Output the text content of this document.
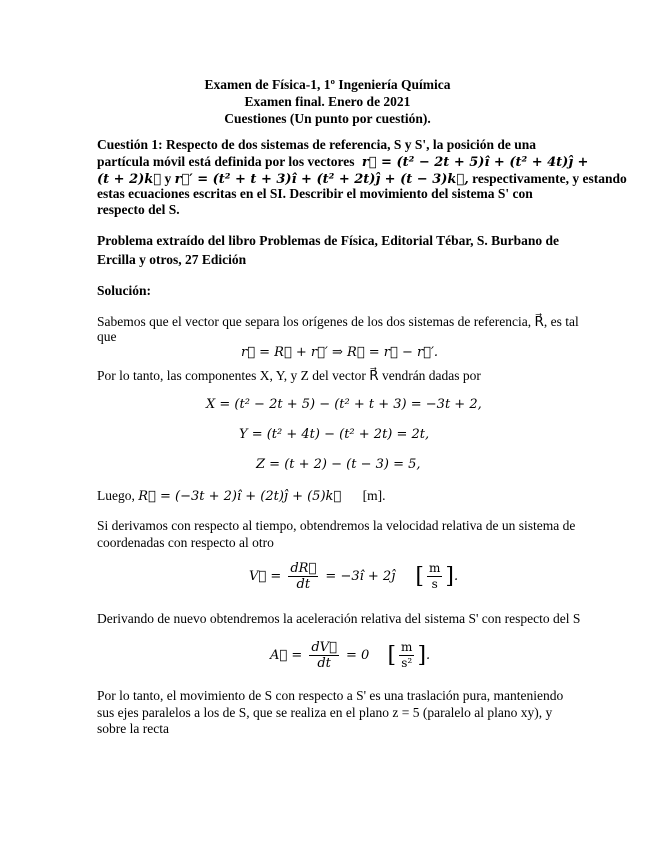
Examen de Física-1, 1º Ingeniería Química
Examen final. Enero de 2021
Cuestiones (Un punto por cuestión).
Cuestión 1: Respecto de dos sistemas de referencia, S y S', la posición de una
partícula móvil está definida por los vectores r⃗ = (t² − 2t + 5)î + (t² + 4t)ĵ +
(t + 2)k⃗ y r⃗′ = (t² + t + 3)î + (t² + 2t)ĵ + (t − 3)k⃗, respectivamente, y estando
estas ecuaciones escritas en el SI. Describir el movimiento del sistema S' con
respecto del S.
Problema extraído del libro Problemas de Física, Editorial Tébar, S. Burbano de
Ercilla y otros, 27 Edición
Solución:
Sabemos que el vector que separa los orígenes de los dos sistemas de referencia, R⃗, es tal
que
r⃗ = R⃗ + r⃗′ ⇒ R⃗ = r⃗ − r⃗′.
Por lo tanto, las componentes X, Y, y Z del vector R⃗ vendrán dadas por
X = (t² − 2t + 5) − (t² + t + 3) = −3t + 2,
Y = (t² + 4t) − (t² + 2t) = 2t,
Z = (t + 2) − (t − 3) = 5,
Luego, R⃗ = (−3t + 2)î + (2t)ĵ + (5)k⃗ [m].
Si derivamos con respecto al tiempo, obtendremos la velocidad relativa de un sistema de
coordenadas con respecto al otro
V⃗ = $\frac{dR⃗}{dt}$ = −3î + 2ĵ [ $\frac{m}{s}$ ].
Derivando de nuevo obtendremos la aceleración relativa del sistema S' con respecto del S
A⃗ = $\frac{dV⃗}{dt} = 0$ [ $\frac{m}{\text{s²}}$ ].
Por lo tanto, el movimiento de S con respecto a S' es una traslación pura, manteniendo
sus ejes paralelos a los de S, que se realiza en el plano z = 5 (paralelo al plano xy), y
sobre la recta
